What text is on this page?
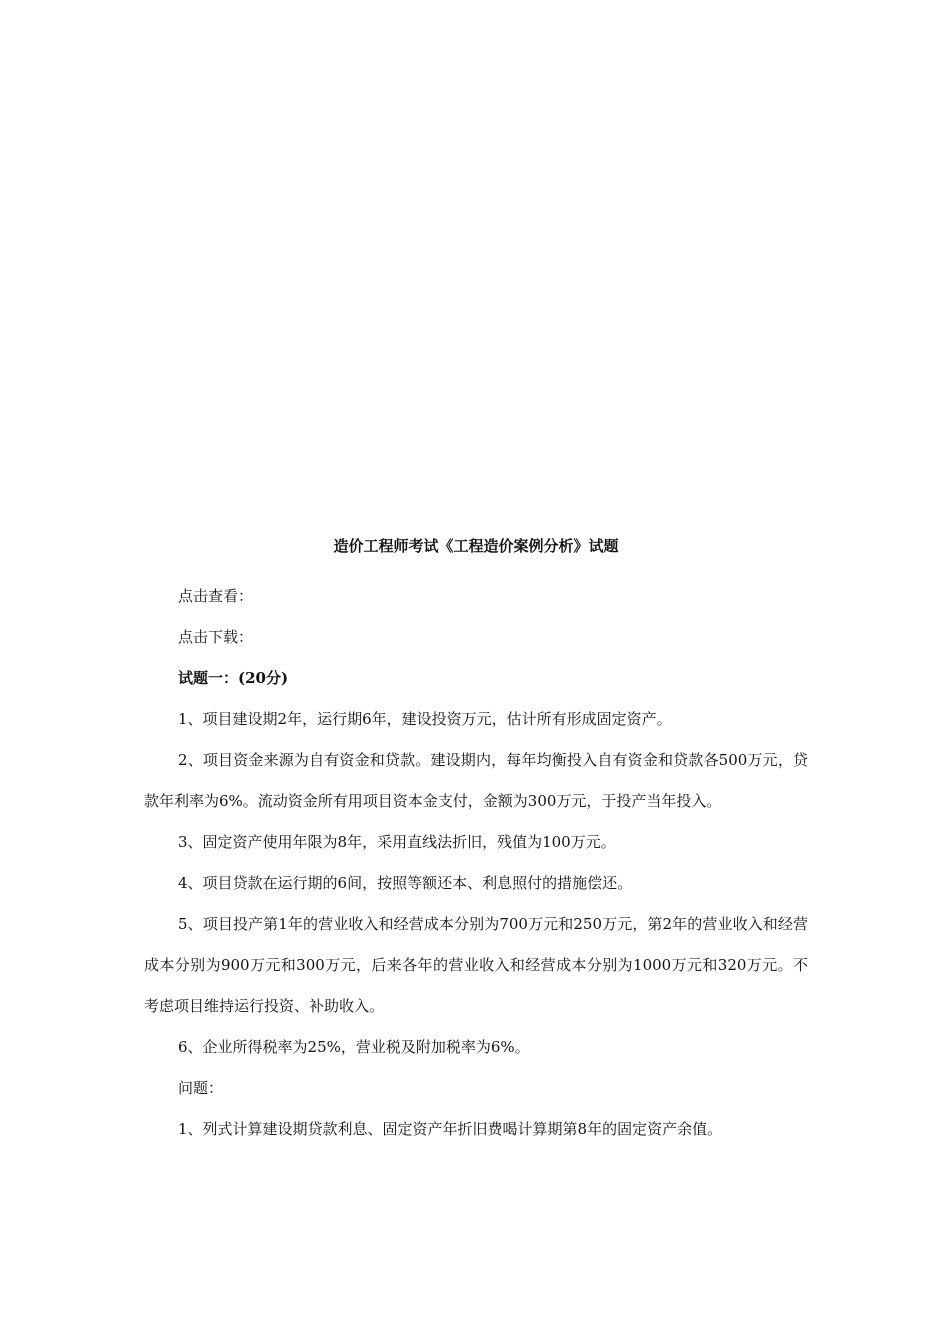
造价工程师考试《工程造价案例分析》试题

点击查看：

点击下载：

试题一：(20分)

1、项目建设期2年，运行期6年，建设投资万元，估计所有形成固定资产。

2、项目资金来源为自有资金和贷款。建设期内，每年均衡投入自有资金和贷款各500万元，贷款年利率为6%。流动资金所有用项目资本金支付，金额为300万元，于投产当年投入。

3、固定资产使用年限为8年，采用直线法折旧，残值为100万元。

4、项目贷款在运行期的6间，按照等额还本、利息照付的措施偿还。

5、项目投产第1年的营业收入和经营成本分别为700万元和250万元，第2年的营业收入和经营成本分别为900万元和300万元，后来各年的营业收入和经营成本分别为1000万元和320万元。不考虑项目维持运行投资、补助收入。

6、企业所得税率为25%，营业税及附加税率为6%。

问题：

1、列式计算建设期贷款利息、固定资产年折旧费喝计算期第8年的固定资产余值。
